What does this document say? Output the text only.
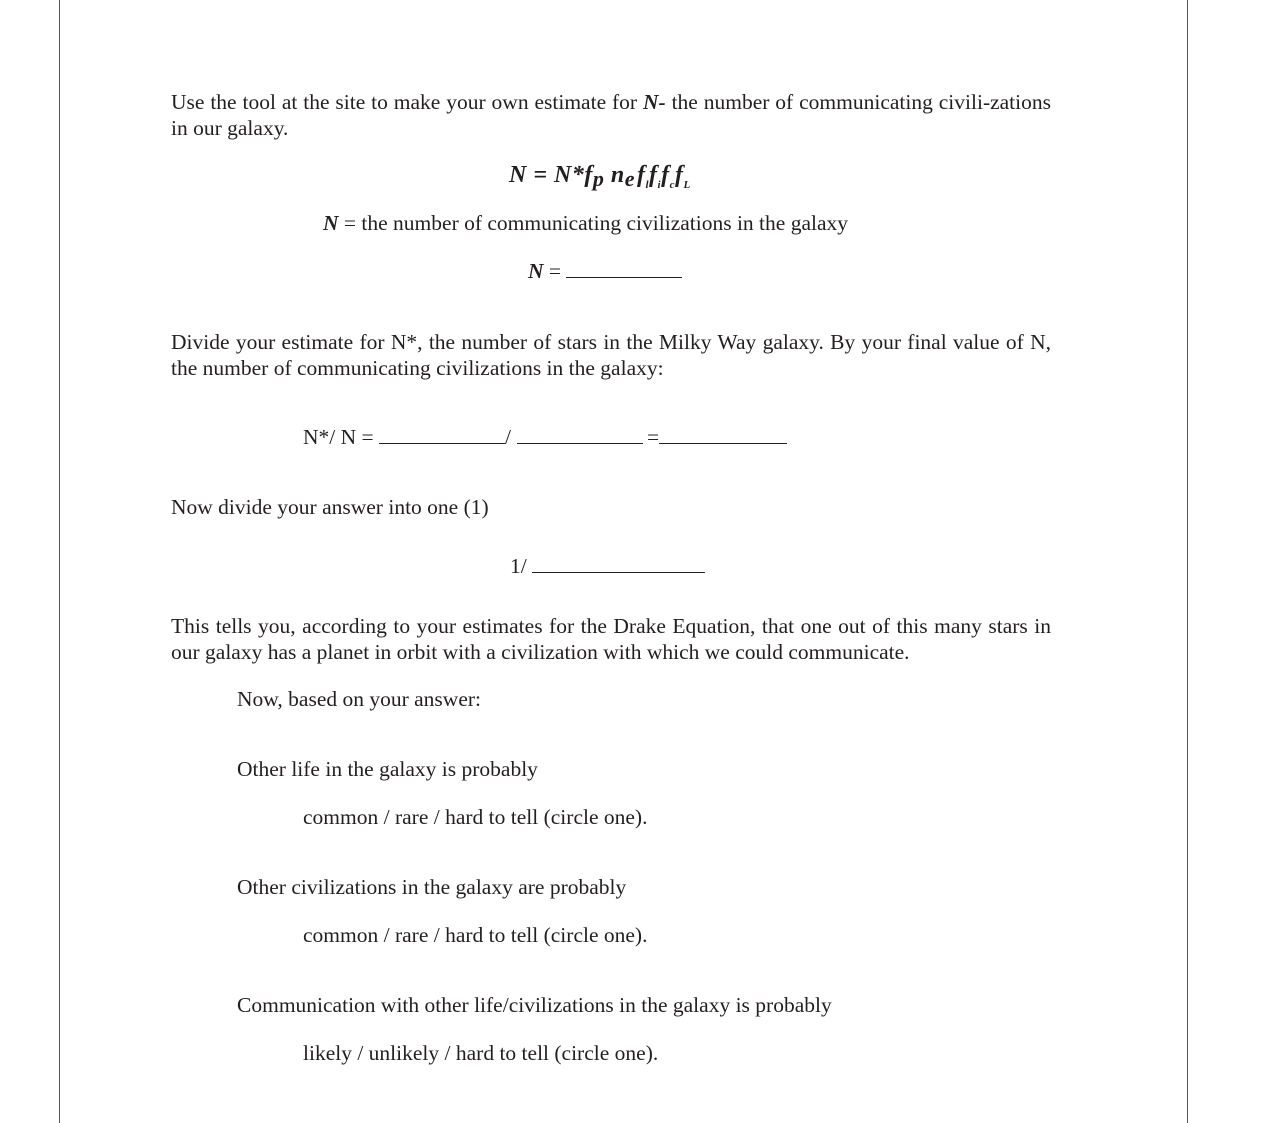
Use the tool at the site to make your own estimate for N- the number of communicating civili-zations in our galaxy.
$N = N*f_p$ $n_ef_lf_if_cf_L$
N = the number of communicating civilizations in the galaxy
N =
Divide your estimate for N*, the number of stars in the Milky Way galaxy. By your final value of N, the number of communicating civilizations in the galaxy:
N*/ N =	/	=
Now divide your answer into one (1)
1/
This tells you, according to your estimates for the Drake Equation, that one out of this many stars in our galaxy has a planet in orbit with a civilization with which we could communicate.
Now, based on your answer:
Other life in the galaxy is probably
common / rare / hard to tell (circle one).
Other civilizations in the galaxy are probably
common / rare / hard to tell (circle one).
Communication with other life/civilizations in the galaxy is probably
likely / unlikely / hard to tell (circle one).
